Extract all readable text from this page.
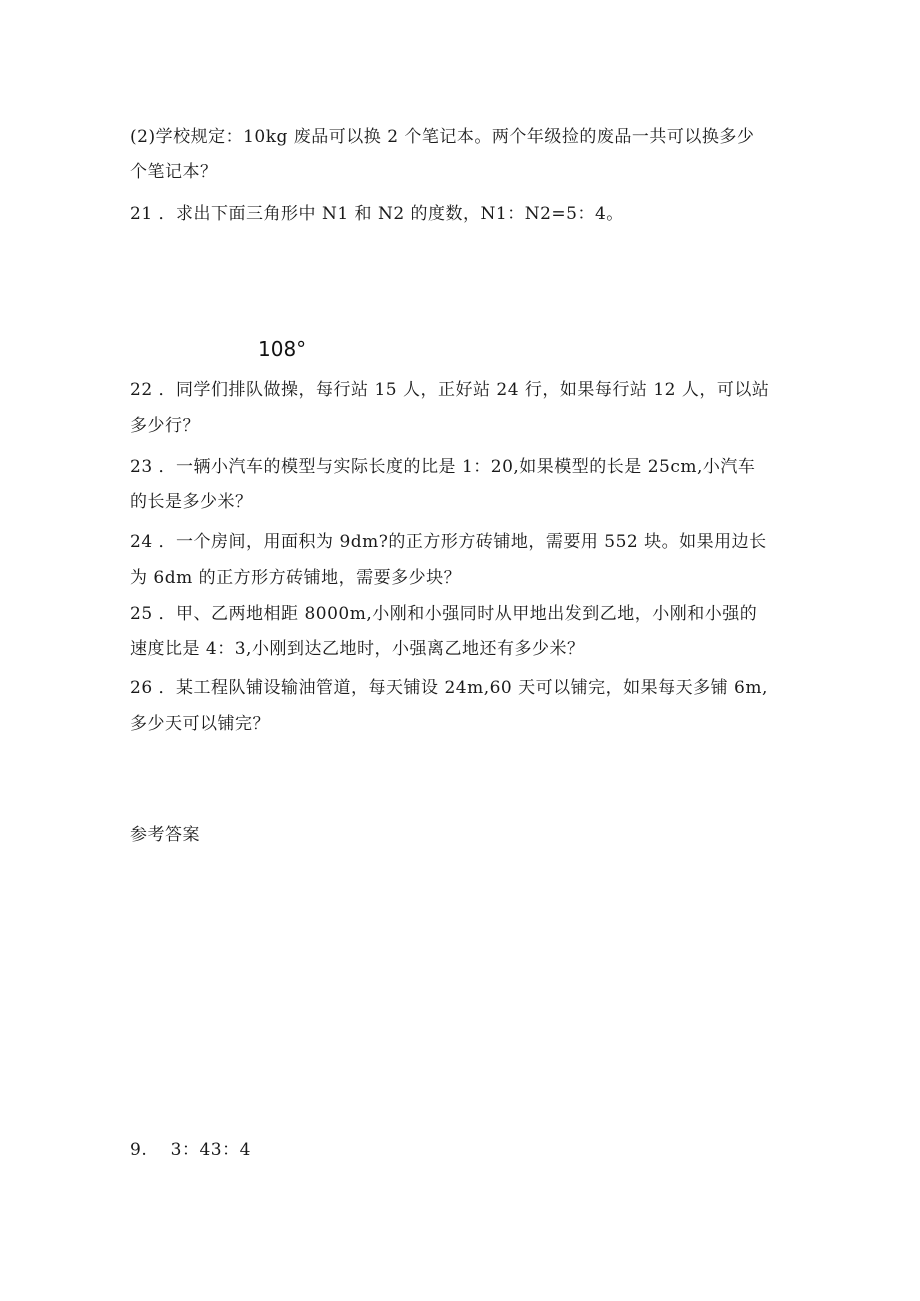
(2)学校规定：10kg 废品可以换 2 个笔记本。两个年级捡的废品一共可以换多少
个笔记本？
21 ．求出下面三角形中 N1 和 N2 的度数，N1：N2=5：4。
108°
22 ．同学们排队做操，每行站 15 人，正好站 24 行，如果每行站 12 人，可以站
多少行？
23 ．一辆小汽车的模型与实际长度的比是 1：20,如果模型的长是 25cm,小汽车
的长是多少米？
24 ．一个房间，用面积为 9dm?的正方形方砖铺地，需要用 552 块。如果用边长
为 6dm 的正方形方砖铺地，需要多少块？
25 ．甲、乙两地相距 8000m,小刚和小强同时从甲地出发到乙地，小刚和小强的
速度比是 4：3,小刚到达乙地时，小强离乙地还有多少米？
26 ．某工程队铺设输油管道，每天铺设 24m,60 天可以铺完，如果每天多铺 6m,
多少天可以铺完？
参考答案
9.　 3：43：4
